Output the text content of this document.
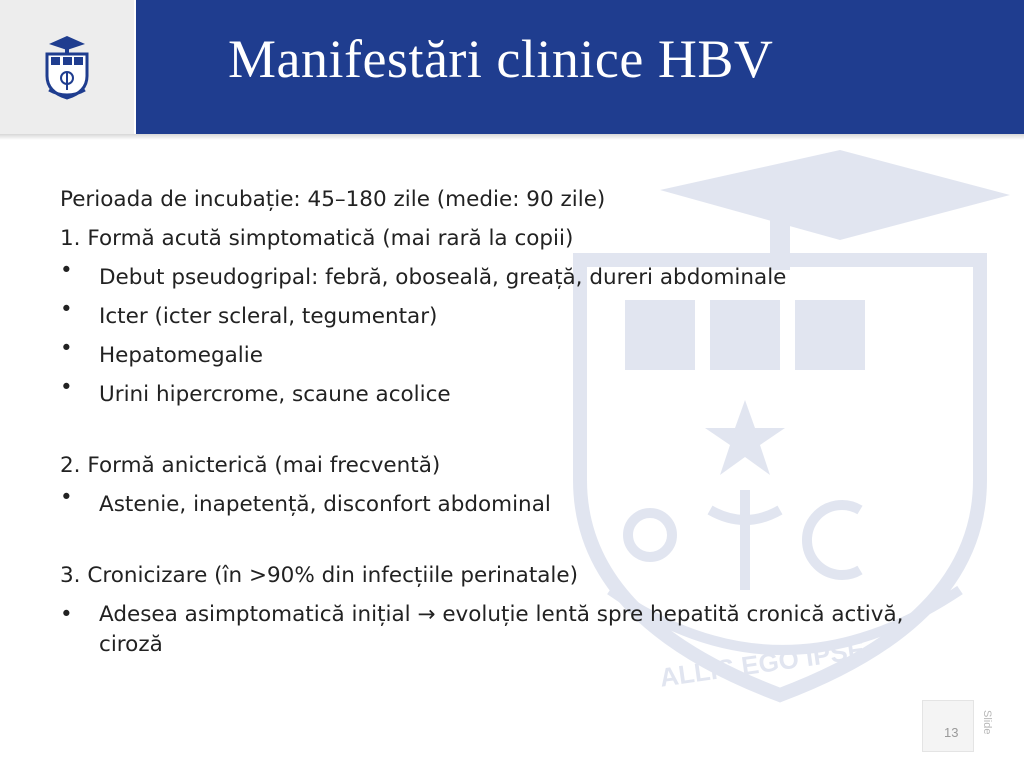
Manifestări clinice HBV
ALLIS EGO IPSE
Perioada de incubație: 45–180 zile (medie: 90 zile)
1. Formă acută simptomatică (mai rară la copii)
•	Debut pseudogripal: febră, oboseală, greață, dureri abdominale
•	Icter (icter scleral, tegumentar)
•	Hepatomegalie
•	Urini hipercrome, scaune acolice
2. Formă anicterică (mai frecventă)
•	Astenie, inapetență, disconfort abdominal
3. Cronicizare (în >90% din infecțiile perinatale)
•	Adesea asimptomatică inițial → evoluție lentă spre hepatită cronică activă, ciroză
13 Slide
